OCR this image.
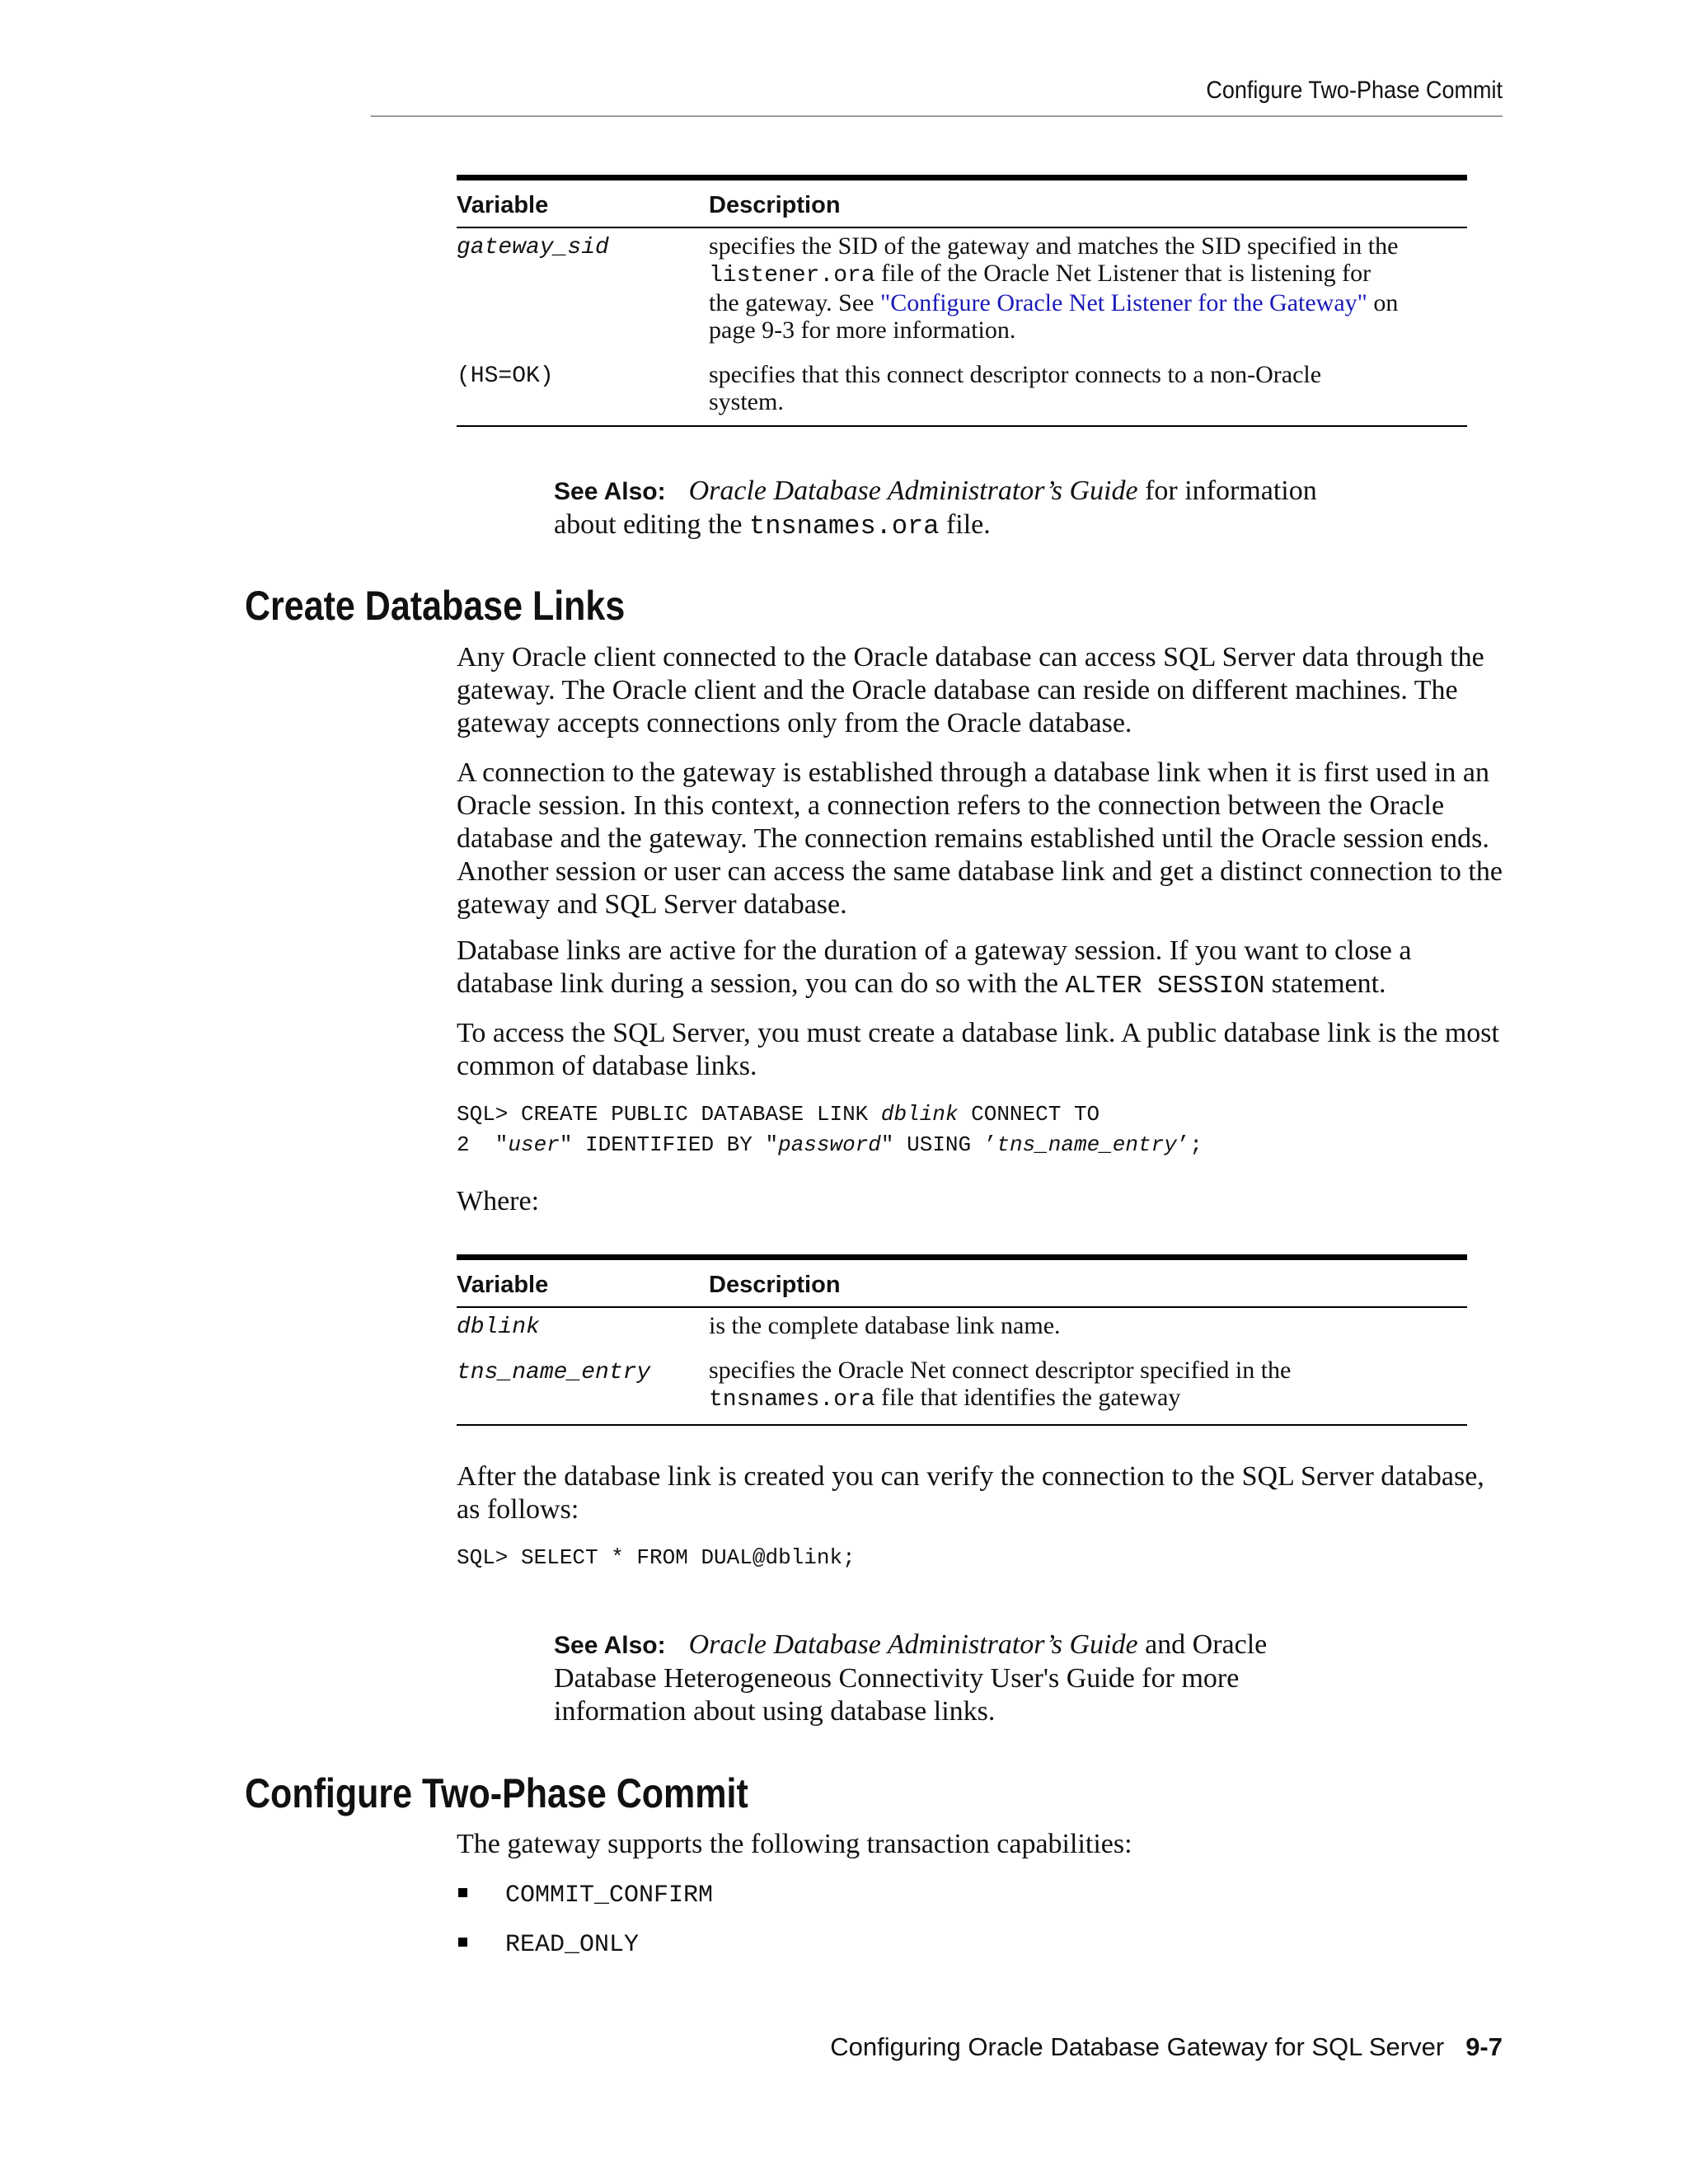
Configure Two-Phase Commit
Variable	Description
gateway_sid	specifies the SID of the gateway and matches the SID specified in the
listener.ora file of the Oracle Net Listener that is listening for
the gateway. See "Configure Oracle Net Listener for the Gateway" on
page 9-3 for more information.
(HS=OK)	specifies that this connect descriptor connects to a non-Oracle
system.
See Also: Oracle Database Administrator’s Guide for information
about editing the tnsnames.ora file.
Create Database Links

Any Oracle client connected to the Oracle database can access SQL Server data through the gateway. The Oracle client and the Oracle database can reside on different machines. The gateway accepts connections only from the Oracle database.

A connection to the gateway is established through a database link when it is first used in an Oracle session. In this context, a connection refers to the connection between the Oracle database and the gateway. The connection remains established until the Oracle session ends. Another session or user can access the same database link and get a distinct connection to the gateway and SQL Server database.

Database links are active for the duration of a gateway session. If you want to close a database link during a session, you can do so with the ALTER SESSION statement.

To access the SQL Server, you must create a database link. A public database link is the most common of database links.

SQL> CREATE PUBLIC DATABASE LINK dblink CONNECT TO
2  "user" IDENTIFIED BY "password" USING ’tns_name_entry’;

Where:

Variable	Description
dblink	is the complete database link name.
tns_name_entry specifies the Oracle Net connect descriptor specified in the
tnsnames.ora file that identifies the gateway

After the database link is created you can verify the connection to the SQL Server database, as follows:

SQL> SELECT * FROM DUAL@dblink;
See Also: Oracle Database Administrator’s Guide and Oracle
Database Heterogeneous Connectivity User's Guide for more
information about using database links.
Configure Two-Phase Commit

The gateway supports the following transaction capabilities:

COMMIT_CONFIRM
READ_ONLY
Configuring Oracle Database Gateway for SQL Server 9-7
